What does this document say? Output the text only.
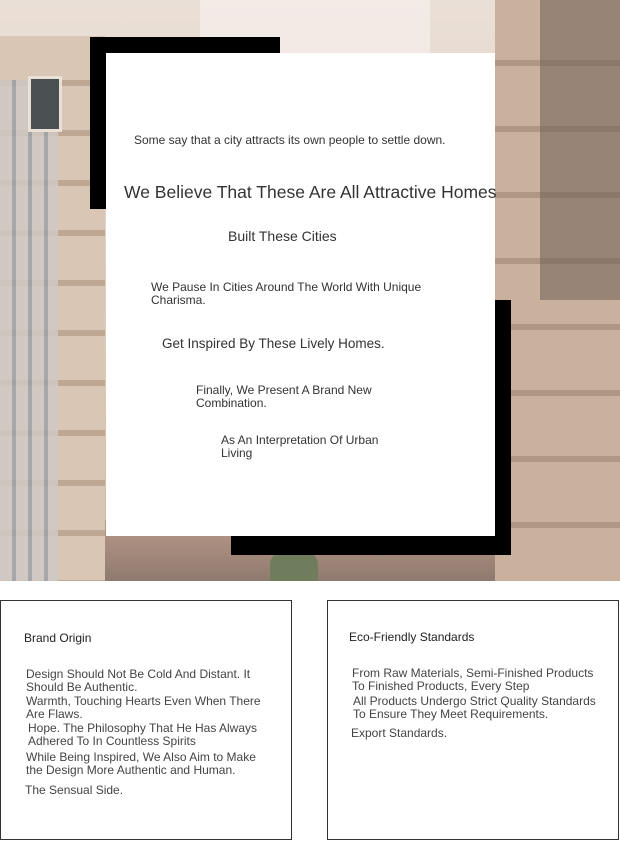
Some say that a city attracts its own people to settle down.
We Believe That These Are All Attractive Homes
Built These Cities
We Pause In Cities Around The World With Unique Charisma.
Get Inspired By These Lively Homes.
Finally, We Present A Brand New Combination.
As An Interpretation Of Urban Living
Brand Origin

Design Should Not Be Cold And Distant. It Should Be Authentic.

Warmth, Touching Hearts Even When There Are Flaws.

Hope. The Philosophy That He Has Always Adhered To In Countless Spirits

While Being Inspired, We Also Aim to Make the Design More Authentic and Human.

The Sensual Side.

Eco-Friendly Standards

From Raw Materials, Semi-Finished Products To Finished Products, Every Step

All Products Undergo Strict Quality Standards To Ensure They Meet Requirements.

Export Standards.
